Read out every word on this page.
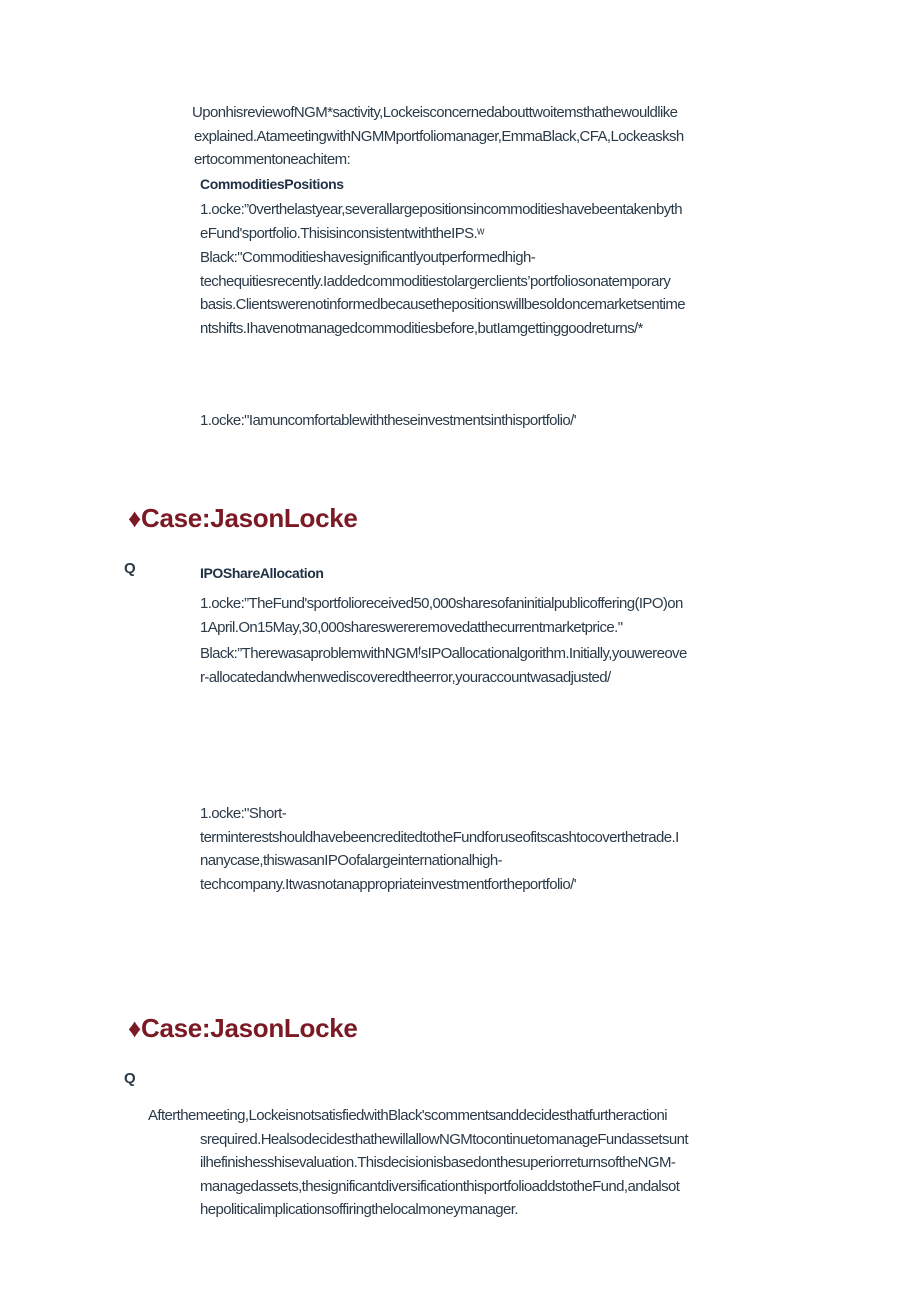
UponhisreviewofNGM*sactivity,Lockeisconcernedabouttwoitemsthathewouldlike
explained.AtameetingwithNGMMportfoliomanager,EmmaBlack,CFA,Lockeasksh
ertocommentoneachitem:
CommoditiesPositions
1.ocke:”0verthelastyear,severallargepositionsincommoditieshavebeentakenbyth
eFund'sportfolio.ThisisinconsistentwiththeIPS.ʷ
Black:"Commoditieshavesignificantlyoutperformedhigh-
techequitiesrecently.Iaddedcommoditiestolargerclients’portfoliosonatemporary
basis.Clientswerenotinformedbecausethepositionswillbesoldoncemarketsentime
ntshifts.Ihavenotmanagedcommoditiesbefore,butIamgettinggoodreturns/*
1.ocke:"Iamuncomfortablewiththeseinvestmentsinthisportfolio/'
♦Case:JasonLocke
Q	IPOShareAllocation
1.ocke:”TheFund'sportfolioreceived50,000sharesofaninitialpublicoffering(IPO)on
1April.On15May,30,000shareswereremovedatthecurrentmarketprice."
Black:”TherewasaproblemwithNGMᶠsIPOallocationalgorithm.Initially,youwereove
r-allocatedandwhenwediscoveredtheerror,youraccountwasadjusted/
1.ocke:"Short-
terminterestshouldhavebeencreditedtotheFundforuseofitscashtocoverthetrade.I
nanycase,thiswasanIPOofalargeinternationalhigh-
techcompany.Itwasnotanappropriateinvestmentfortheportfolio/'
♦Case:JasonLocke
Q
Afterthemeeting,LockeisnotsatisfiedwithBlack'scommentsanddecidesthatfurtheractioni
srequired.HealsodecidesthathewillallowNGMtocontinuetomanageFundassetsunt
ilhefinishesshisevaluation.ThisdecisionisbasedonthesuperiorreturnsoftheNGM-
managedassets,thesignificantdiversificationthisportfolioaddstotheFund,andalsot
hepoliticalimplicationsoffiringthelocalmoneymanager.
